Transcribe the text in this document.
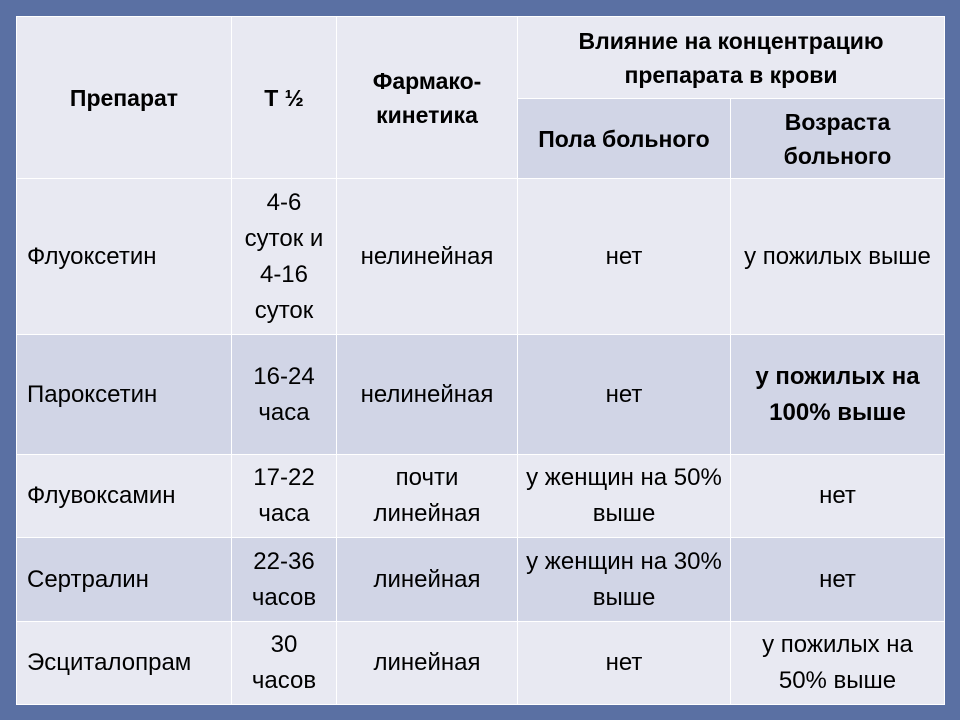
Препарат	Т ½	Фармако-кинетика	Влияние на концентрацию препарата в крови	
			Пола больного	Возраста больного
Флуоксетин	4-6 суток и 4-16 суток	нелинейная	нет	у пожилых выше
Пароксетин	16-24 часа	нелинейная	нет	у пожилых на 100% выше
Флувоксамин	17-22 часа	почти линейная	у женщин на 50% выше	нет
Сертралин	22-36 часов	линейная	у женщин на 30% выше	нет
Эсциталопрам	30 часов	линейная	нет	у пожилых на 50% выше
